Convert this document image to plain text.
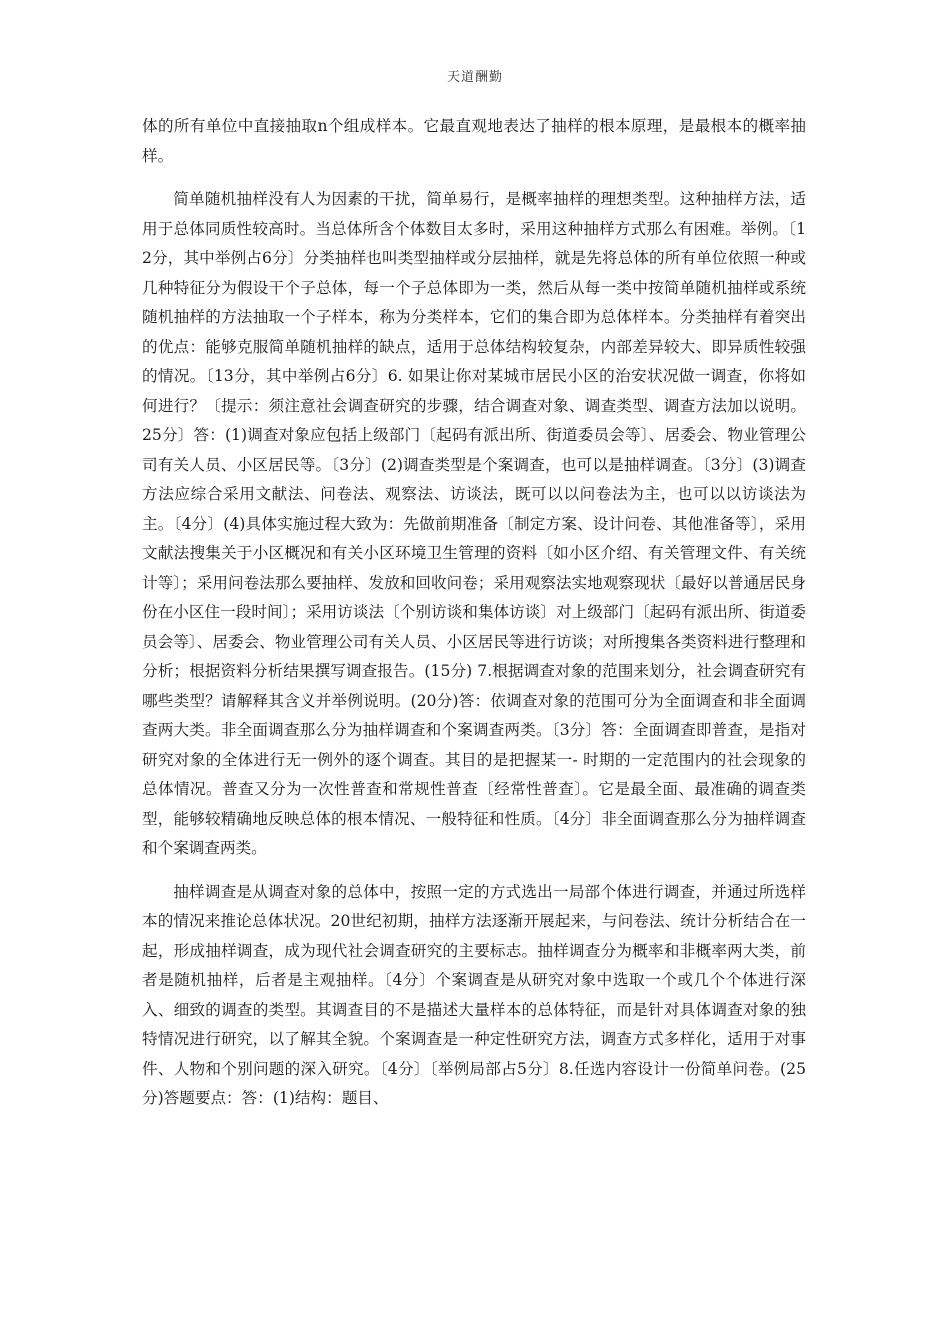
天道酬勤

体的所有单位中直接抽取n个组成样本。它最直观地表达了抽样的根本原理，是最根本的概率抽样。

简单随机抽样没有人为因素的干扰，简单易行，是概率抽样的理想类型。这种抽样方法，适用于总体同质性较高时。当总体所含个体数目太多时，采用这种抽样方式那么有困难。举例。〔12分，其中举例占6分〕分类抽样也叫类型抽样或分层抽样，就是先将总体的所有单位依照一种或几种特征分为假设干个子总体，每一个子总体即为一类，然后从每一类中按简单随机抽样或系统随机抽样的方法抽取一个子样本，称为分类样本，它们的集合即为总体样本。分类抽样有着突出的优点：能够克服简单随机抽样的缺点，适用于总体结构较复杂，内部差异较大、即异质性较强的情况。〔13分，其中举例占6分〕6. 如果让你对某城市居民小区的治安状况做一调查，你将如何进行？〔提示：须注意社会调查研究的步骤，结合调查对象、调查类型、调查方法加以说明。25分〕答：(1)调查对象应包括上级部门〔起码有派出所、街道委员会等〕、居委会、物业管理公司有关人员、小区居民等。〔3分〕(2)调查类型是个案调查，也可以是抽样调查。〔3分〕(3)调查方法应综合采用文献法、问卷法、观察法、访谈法，既可以以问卷法为主，也可以以访谈法为主。〔4分〕(4)具体实施过程大致为：先做前期准备〔制定方案、设计问卷、其他准备等〕，采用文献法搜集关于小区概况和有关小区环境卫生管理的资料〔如小区介绍、有关管理文件、有关统计等〕；采用问卷法那么要抽样、发放和回收问卷；采用观察法实地观察现状〔最好以普通居民身份在小区住一段时间〕；采用访谈法〔个别访谈和集体访谈〕对上级部门〔起码有派出所、街道委员会等〕、居委会、物业管理公司有关人员、小区居民等进行访谈；对所搜集各类资料进行整理和分析；根据资料分析结果撰写调查报告。(15分) 7.根据调查对象的范围来划分，社会调查研究有哪些类型？请解释其含义并举例说明。(20分)答：依调查对象的范围可分为全面调查和非全面调查两大类。非全面调查那么分为抽样调查和个案调查两类。〔3分〕答：全面调查即普查，是指对研究对象的全体进行无一例外的逐个调查。其目的是把握某一- 时期的一定范围内的社会现象的总体情况。普查又分为一次性普查和常规性普查〔经常性普查〕。它是最全面、最准确的调查类型，能够较精确地反映总体的根本情况、一般特征和性质。〔4分〕非全面调查那么分为抽样调查和个案调查两类。

抽样调查是从调查对象的总体中，按照一定的方式选出一局部个体进行调查，并通过所选样本的情况来推论总体状况。20世纪初期，抽样方法逐渐开展起来，与问卷法、统计分析结合在一起，形成抽样调查，成为现代社会调查研究的主要标志。抽样调查分为概率和非概率两大类，前者是随机抽样，后者是主观抽样。〔4分〕个案调查是从研究对象中选取一个或几个个体进行深入、细致的调查的类型。其调查目的不是描述大量样本的总体特征，而是针对具体调查对象的独特情况进行研究，以了解其全貌。个案调查是一种定性研究方法，调查方式多样化，适用于对事件、人物和个别问题的深入研究。〔4分〕〔举例局部占5分〕8.任选内容设计一份简单问卷。(25分)答题要点：答：(1)结构：题目、
